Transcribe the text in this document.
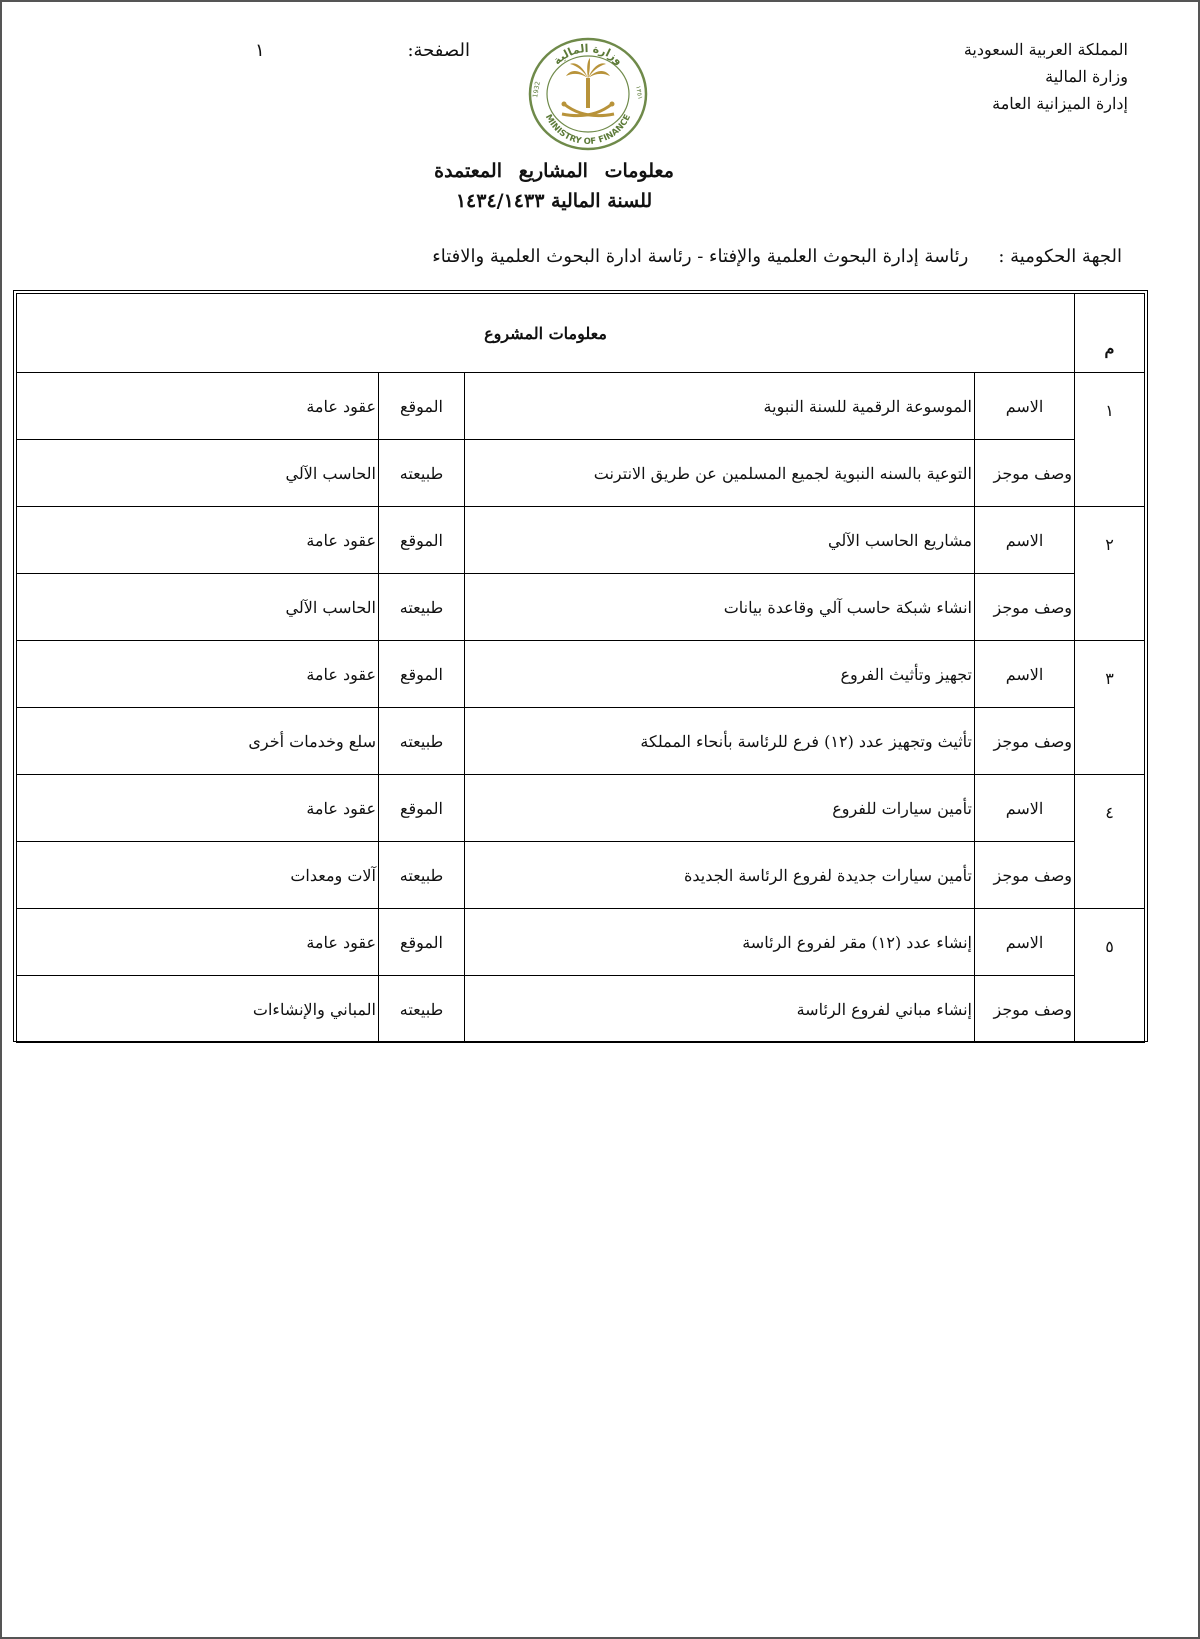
المملكة العربية السعودية
وزارة المالية
إدارة الميزانية العامة
الصفحة:
١	وزارة المالية
MINISTRY OF FINANCE
1932	١٣٥١
معلومات المشاريع المعتمدة
للسنة المالية ١٤٣٤/١٤٣٣
الجهة الحكومية :رئاسة إدارة البحوث العلمية والإفتاء - رئاسة ادارة البحوث العلمية والافتاء
م	معلومات المشروع			
١	الاسم	الموسوعة الرقمية للسنة النبوية	الموقع	عقود عامة
	وصف موجز	التوعية بالسنه النبوية لجميع المسلمين عن طريق الانترنت	طبيعته	الحاسب الآلي
٢	الاسم	مشاريع الحاسب الآلي	الموقع	عقود عامة
	وصف موجز	انشاء شبكة حاسب آلي وقاعدة بيانات	طبيعته	الحاسب الآلي
٣	الاسم	تجهيز وتأثيث الفروع	الموقع	عقود عامة
	وصف موجز	تأثيث وتجهيز عدد (١٢) فرع للرئاسة بأنحاء المملكة	طبيعته	سلع وخدمات أخرى
٤	الاسم	تأمين سيارات للفروع	الموقع	عقود عامة
	وصف موجز	تأمين سيارات جديدة لفروع الرئاسة الجديدة	طبيعته	آلات ومعدات
٥	الاسم	إنشاء عدد (١٢) مقر لفروع الرئاسة	الموقع	عقود عامة
	وصف موجز	إنشاء مباني لفروع الرئاسة	طبيعته	المباني والإنشاءات
